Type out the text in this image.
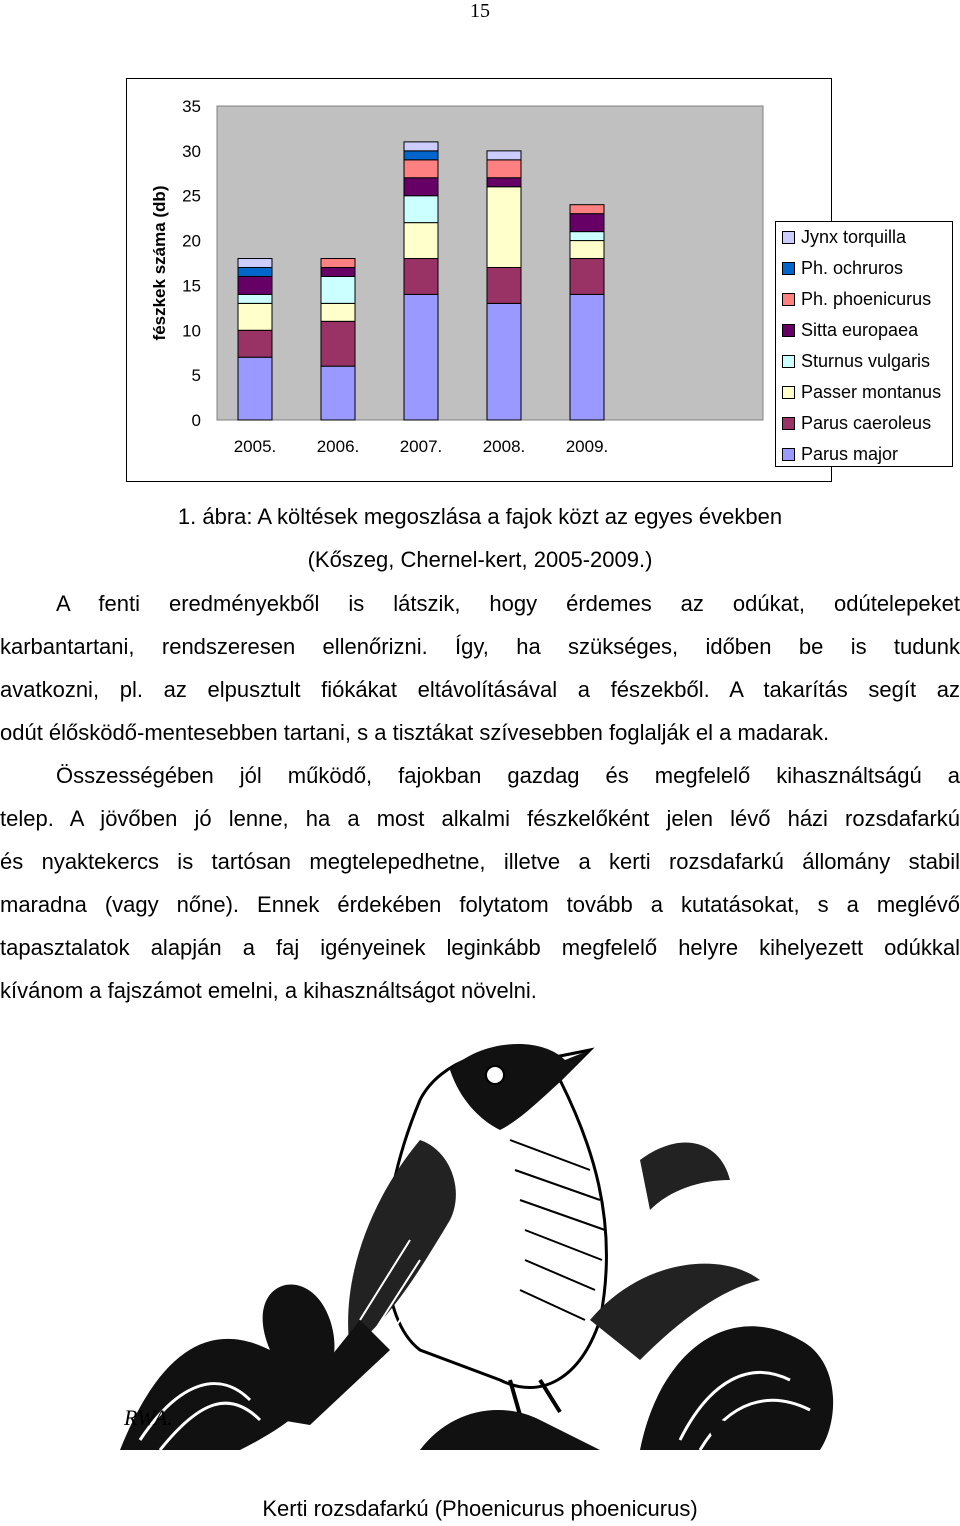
15
0
5
10
15
20
25
30
35
fészkek száma (db)
2005. 2006. 2007. 2008. 2009.
Jynx torquilla
Ph. ochruros
Ph. phoenicurus
Sitta europaea
Sturnus vulgaris
Passer montanus
Parus caeroleus
Parus major
1. ábra: A költések megoszlása a fajok közt az egyes években
(Kőszeg, Chernel-kert, 2005-2009.)
A fenti eredményekből is látszik, hogy érdemes az odúkat, odútelepeket
karbantartani, rendszeresen ellenőrizni. Így, ha szükséges, időben be is tudunk
avatkozni, pl. az elpusztult fiókákat eltávolításával a fészekből. A takarítás segít az
odút élősködő-mentesebben tartani, s a tisztákat szívesebben foglalják el a madarak.
Összességében jól működő, fajokban gazdag és megfelelő kihasználtságú a
telep. A jövőben jó lenne, ha a most alkalmi fészkelőként jelen lévő házi rozsdafarkú
és nyaktekercs is tartósan megtelepedhetne, illetve a kerti rozsdafarkú állomány stabil
maradna (vagy nőne). Ennek érdekében folytatom tovább a kutatásokat, s a meglévő
tapasztalatok alapján a faj igényeinek leginkább megfelelő helyre kihelyezett odúkkal
kívánom a fajszámot emelni, a kihasználtságot növelni.
RWA.
Kerti rozsdafarkú (Phoenicurus phoenicurus)
